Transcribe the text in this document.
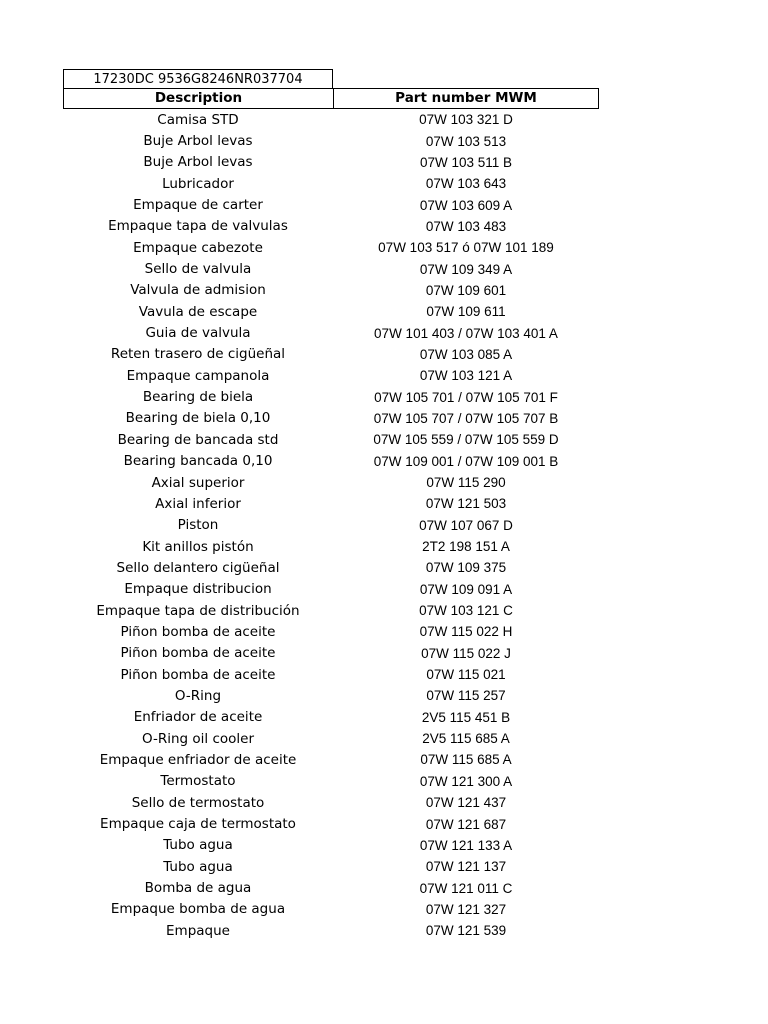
17230DC 9536G8246NR037704
Description	Part number MWM
Camisa STD	07W 103 321 D
Buje Arbol levas	07W 103 513
Buje Arbol levas	07W 103 511 B
Lubricador	07W 103 643
Empaque de carter	07W 103 609 A
Empaque tapa de valvulas	07W 103 483
Empaque cabezote	07W 103 517 ó 07W 101 189
Sello de valvula	07W 109 349 A
Valvula de admision	07W 109 601
Vavula de escape	07W 109 611
Guia de valvula	07W 101 403 / 07W 103 401 A
Reten trasero de cigüeñal	07W 103 085 A
Empaque campanola	07W 103 121 A
Bearing de biela	07W 105 701 / 07W 105 701 F
Bearing de biela 0,10	07W 105 707 / 07W 105 707 B
Bearing de bancada std	07W 105 559 / 07W 105 559 D
Bearing bancada 0,10	07W 109 001 / 07W 109 001 B
Axial superior	07W 115 290
Axial inferior	07W 121 503
Piston	07W 107 067 D
Kit anillos pistón	2T2 198 151 A
Sello delantero cigüeñal	07W 109 375
Empaque distribucion	07W 109 091 A
Empaque tapa de distribución	07W 103 121 C
Piñon bomba de aceite	07W 115 022 H
Piñon bomba de aceite	07W 115 022 J
Piñon bomba de aceite	07W 115 021
O-Ring	07W 115 257
Enfriador de aceite	2V5 115 451 B
O-Ring oil cooler	2V5 115 685 A
Empaque enfriador de aceite	07W 115 685 A
Termostato	07W 121 300 A
Sello de termostato	07W 121 437
Empaque caja de termostato	07W 121 687
Tubo agua	07W 121 133 A
Tubo agua	07W 121 137
Bomba de agua	07W 121 011 C
Empaque bomba de agua	07W 121 327
Empaque	07W 121 539
